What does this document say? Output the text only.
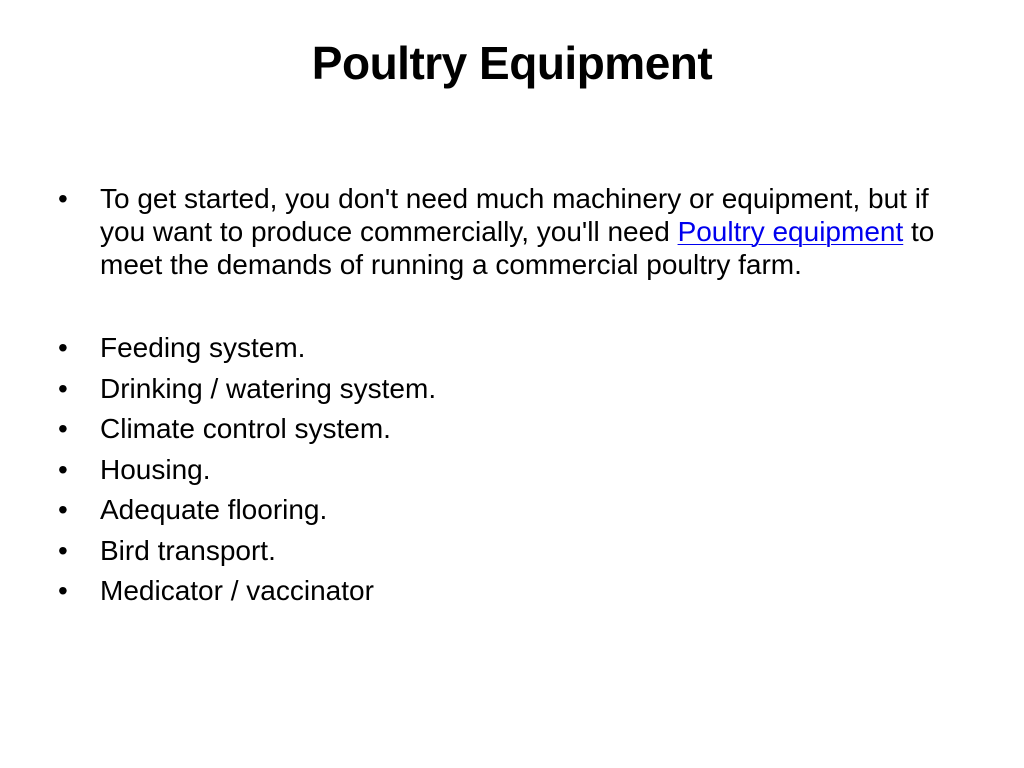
Poultry Equipment
•	To get started, you don't need much machinery or equipment, but if you want to produce commercially, you'll need Poultry equipment to meet the demands of running a commercial poultry farm.
•	Feeding system.
•	Drinking / watering system.
•	Climate control system.
•	Housing.
•	Adequate flooring.
•	Bird transport.
•	Medicator / vaccinator
